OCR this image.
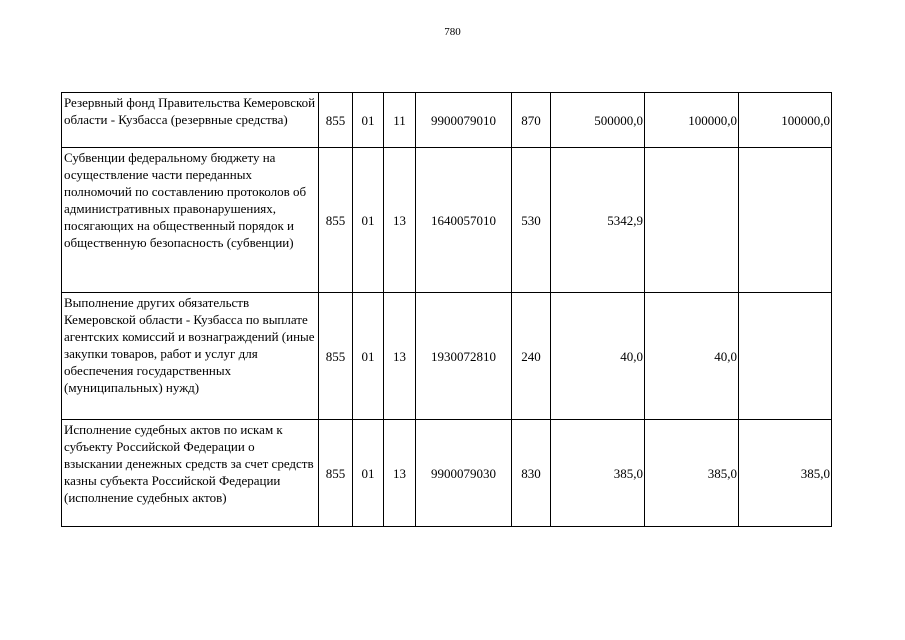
780
Резервный фонд Правительства Кемеровской области - Кузбасса (резервные средства)	855	01	11	9900079010	870	500000,0	100000,0	100000,0
Субвенции федеральному бюджету на осуществление части переданных полномочий по составлению протоколов об административных правонарушениях, посягающих на общественный порядок и общественную безопасность (субвенции)	855	01	13	1640057010	530	5342,9		
Выполнение других обязательств Кемеровской области - Кузбасса по выплате агентских комиссий и вознаграждений (иные закупки товаров, работ и услуг для обеспечения государственных (муниципальных) нужд)	855	01	13	1930072810	240	40,0	40,0	
Исполнение судебных актов по искам к субъекту Российской Федерации о взыскании денежных средств за счет средств казны субъекта Российской Федерации (исполнение судебных актов)	855	01	13	9900079030	830	385,0	385,0	385,0
